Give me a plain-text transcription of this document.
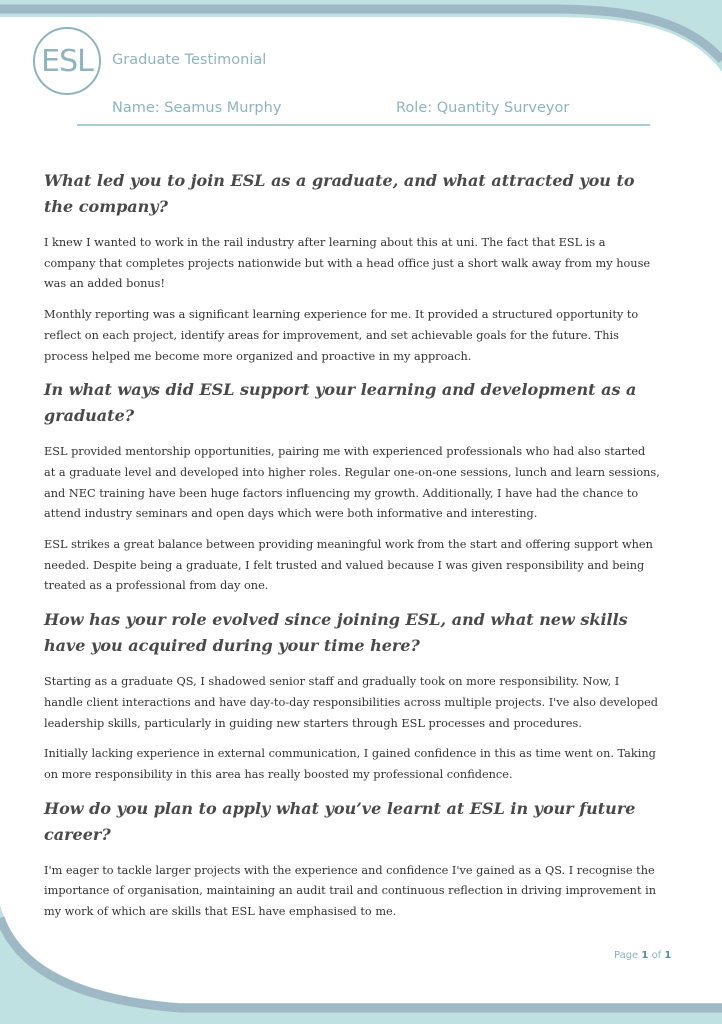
ESL	Graduate Testimonial
Name: Seamus Murphy	Role: Quantity Surveyor
What led you to join ESL as a graduate, and what attracted you to the company?

I knew I wanted to work in the rail industry after learning about this at uni. The fact that ESL is a company that completes projects nationwide but with a head office just a short walk away from my house was an added bonus!

Monthly reporting was a significant learning experience for me. It provided a structured opportunity to reflect on each project, identify areas for improvement, and set achievable goals for the future. This process helped me become more organized and proactive in my approach.

In what ways did ESL support your learning and development as a graduate?

ESL provided mentorship opportunities, pairing me with experienced professionals who had also started at a graduate level and developed into higher roles. Regular one-on-one sessions, lunch and learn sessions, and NEC training have been huge factors influencing my growth. Additionally, I have had the chance to attend industry seminars and open days which were both informative and interesting.

ESL strikes a great balance between providing meaningful work from the start and offering support when needed. Despite being a graduate, I felt trusted and valued because I was given responsibility and being treated as a professional from day one.

How has your role evolved since joining ESL, and what new skills have you acquired during your time here?

Starting as a graduate QS, I shadowed senior staff and gradually took on more responsibility. Now, I handle client interactions and have day-to-day responsibilities across multiple projects. I've also developed leadership skills, particularly in guiding new starters through ESL processes and procedures.

Initially lacking experience in external communication, I gained confidence in this as time went on. Taking on more responsibility in this area has really boosted my professional confidence.

How do you plan to apply what you’ve learnt at ESL in your future career?

I'm eager to tackle larger projects with the experience and confidence I've gained as a QS. I recognise the importance of organisation, maintaining an audit trail and continuous reflection in driving improvement in my work of which are skills that ESL have emphasised to me.

Page 1 of 1
